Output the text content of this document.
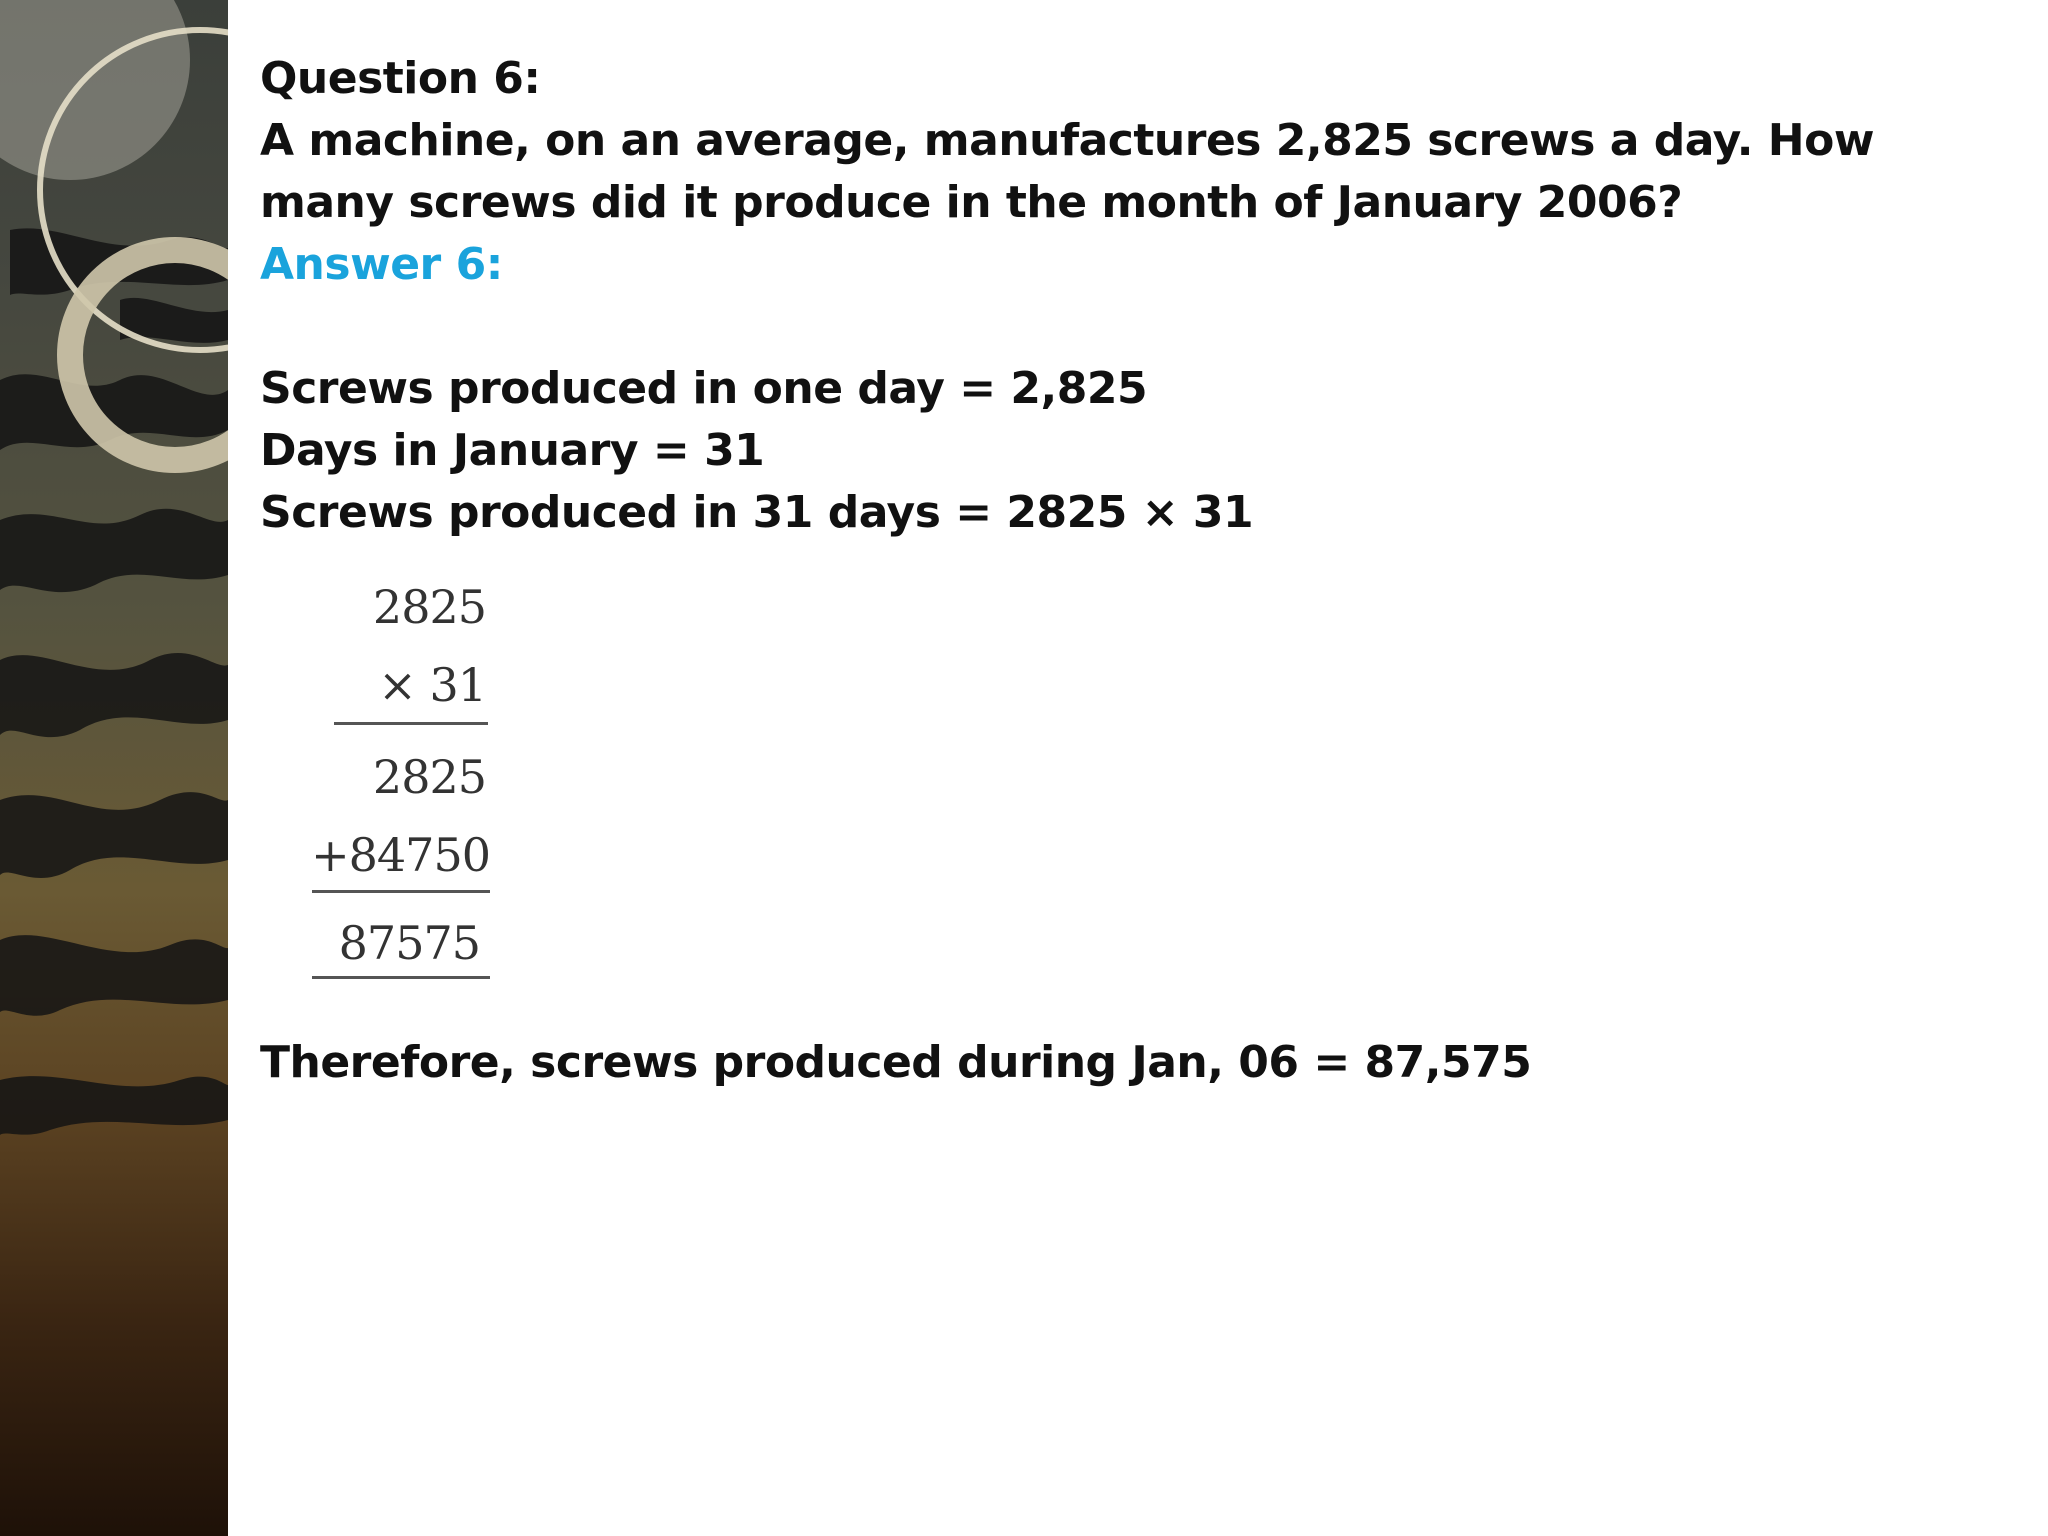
Question 6:
A machine, on an average, manufactures 2,825 screws a day. How many screws did it produce in the month of January 2006?
Answer 6:
Screws produced in one day = 2,825
Days in January = 31
Screws produced in 31 days = 2825 × 31
2825
× 31
2825
+84750
87575
Therefore, screws produced during Jan, 06 = 87,575
